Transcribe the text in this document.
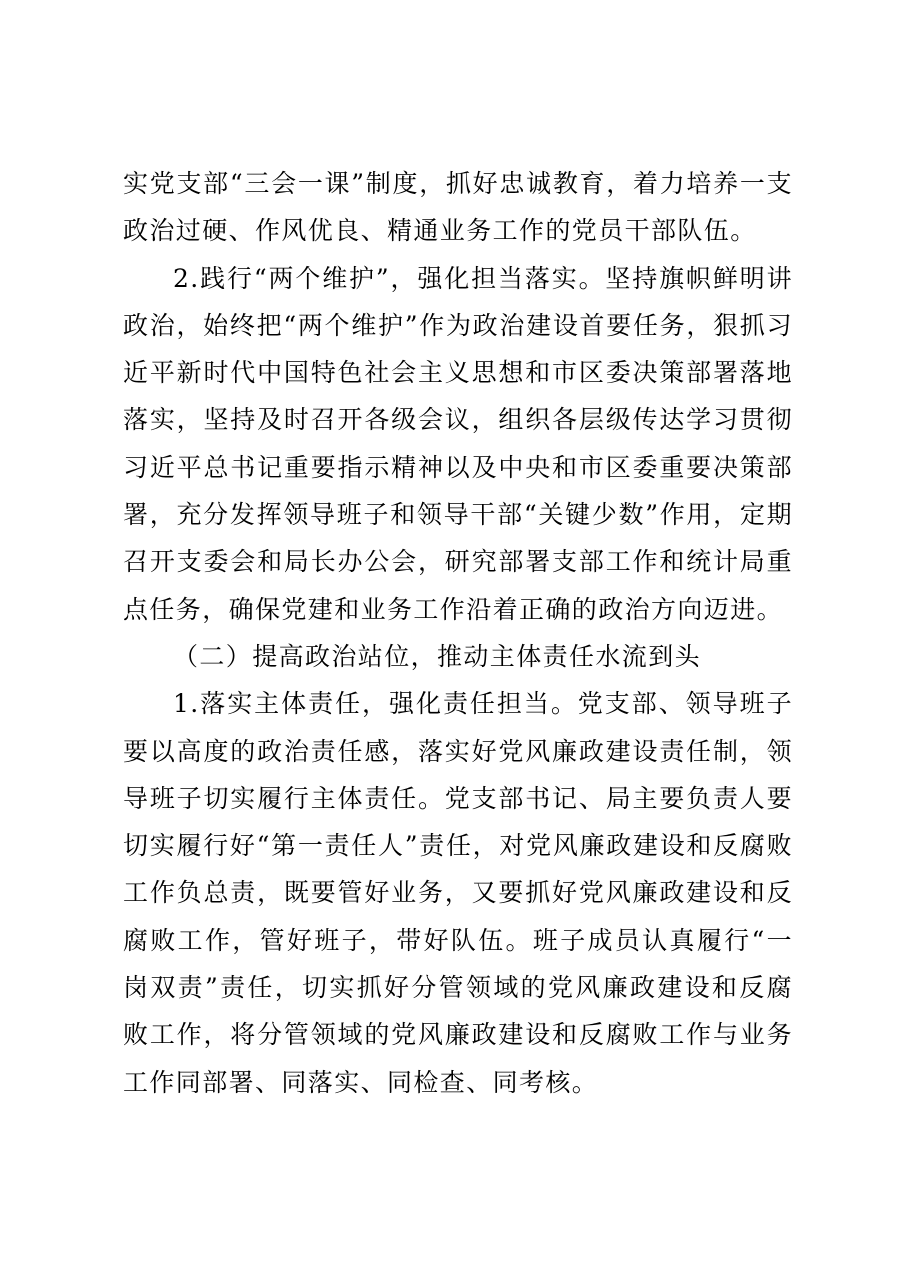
实党支部“三会一课”制度，抓好忠诚教育，着力培养一支政治过硬、作风优良、精通业务工作的党员干部队伍。

2.践行“两个维护”，强化担当落实。坚持旗帜鲜明讲政治，始终把“两个维护”作为政治建设首要任务，狠抓习近平新时代中国特色社会主义思想和市区委决策部署落地落实，坚持及时召开各级会议，组织各层级传达学习贯彻习近平总书记重要指示精神以及中央和市区委重要决策部署，充分发挥领导班子和领导干部“关键少数”作用，定期召开支委会和局长办公会，研究部署支部工作和统计局重点任务，确保党建和业务工作沿着正确的政治方向迈进。

（二）提高政治站位，推动主体责任水流到头

1.落实主体责任，强化责任担当。党支部、领导班子要以高度的政治责任感，落实好党风廉政建设责任制，领导班子切实履行主体责任。党支部书记、局主要负责人要切实履行好“第一责任人”责任，对党风廉政建设和反腐败工作负总责，既要管好业务，又要抓好党风廉政建设和反腐败工作，管好班子，带好队伍。班子成员认真履行“一岗双责”责任，切实抓好分管领域的党风廉政建设和反腐败工作，将分管领域的党风廉政建设和反腐败工作与业务工作同部署、同落实、同检查、同考核。
